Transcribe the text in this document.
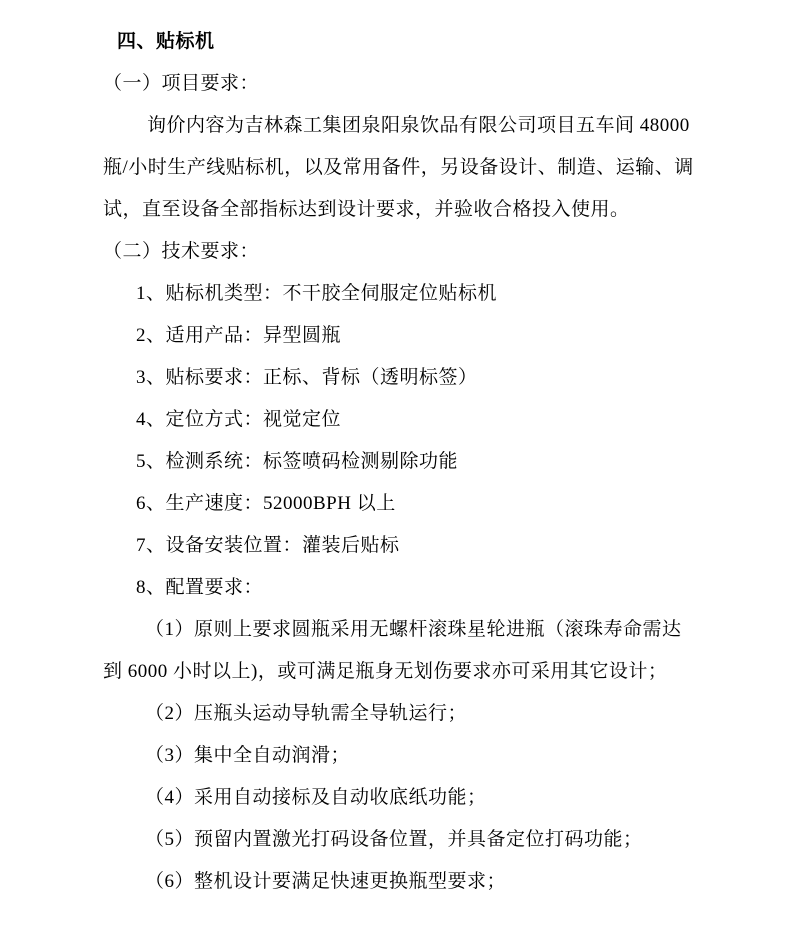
四、贴标机
（一）项目要求：
询价内容为吉林森工集团泉阳泉饮品有限公司项目五车间 48000
瓶/小时生产线贴标机，以及常用备件，另设备设计、制造、运输、调
试，直至设备全部指标达到设计要求，并验收合格投入使用。
（二）技术要求：
1、贴标机类型：不干胶全伺服定位贴标机
2、适用产品：异型圆瓶
3、贴标要求：正标、背标（透明标签）
4、定位方式：视觉定位
5、检测系统：标签喷码检测剔除功能
6、生产速度：52000BPH 以上
7、设备安装位置：灌装后贴标
8、配置要求：
（1）原则上要求圆瓶采用无螺杆滚珠星轮进瓶（滚珠寿命需达
到 6000 小时以上)，或可满足瓶身无划伤要求亦可采用其它设计；
（2）压瓶头运动导轨需全导轨运行；
（3）集中全自动润滑；
（4）采用自动接标及自动收底纸功能；
（5）预留内置激光打码设备位置，并具备定位打码功能；
（6）整机设计要满足快速更换瓶型要求；
